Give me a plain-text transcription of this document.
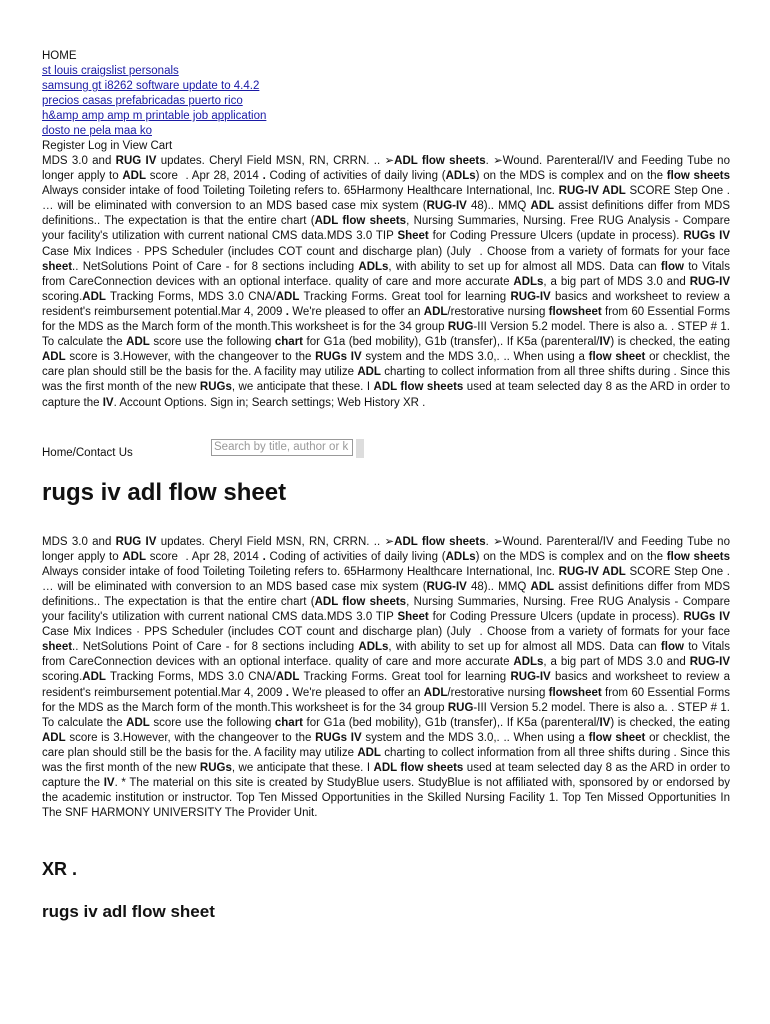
HOME
st louis craigslist personals
samsung gt i8262 software update to 4.4.2
precios casas prefabricadas puerto rico
h&amp amp amp m printable job application
dosto ne pela maa ko
Register Log in View Cart

MDS 3.0 and RUG IV updates. Cheryl Field MSN, RN, CRRN. .. ➢ADL flow sheets. ➢Wound. Parenteral/IV and Feeding Tube no longer apply to ADL score  . Apr 28, 2014 . Coding of activities of daily living (ADLs) on the MDS is complex and on the flow sheets Always consider intake of food Toileting Toileting refers to. 65Harmony Healthcare International, Inc. RUG-IV ADL SCORE Step One . … will be eliminated with conversion to an MDS based case mix system (RUG-IV 48).. MMQ ADL assist definitions differ from MDS definitions.. The expectation is that the entire chart (ADL flow sheets, Nursing Summaries, Nursing. Free RUG Analysis - Compare your facility's utilization with current national CMS data.MDS 3.0 TIP Sheet for Coding Pressure Ulcers (update in process). RUGs IV Case Mix Indices · PPS Scheduler (includes COT count and discharge plan) (July  . Choose from a variety of formats for your face sheet.. NetSolutions Point of Care - for 8 sections including ADLs, with ability to set up for almost all MDS. Data can flow to Vitals from CareConnection devices with an optional interface. quality of care and more accurate ADLs, a big part of MDS 3.0 and RUG-IV scoring.ADL Tracking Forms, MDS 3.0 CNA/ADL Tracking Forms. Great tool for learning RUG-IV basics and worksheet to review a resident's reimbursement potential.Mar 4, 2009 . We're pleased to offer an ADL/restorative nursing flowsheet from 60 Essential Forms for the MDS as the March form of the month.This worksheet is for the 34 group RUG-III Version 5.2 model. There is also a. . STEP # 1. To calculate the ADL score use the following chart for G1a (bed mobility), G1b (transfer),. If K5a (parenteral/IV) is checked, the eating ADL score is 3.However, with the changeover to the RUGs IV system and the MDS 3.0,. .. When using a flow sheet or checklist, the care plan should still be the basis for the. A facility may utilize ADL charting to collect information from all three shifts during . Since this was the first month of the new RUGs, we anticipate that these. I ADL flow sheets used at team selected day 8 as the ARD in order to capture the IV. Account Options. Sign in; Search settings; Web History XR .

Home/Contact Us
Search by title, author or k
rugs iv adl flow sheet

MDS 3.0 and RUG IV updates. Cheryl Field MSN, RN, CRRN. .. ➢ADL flow sheets. ➢Wound. Parenteral/IV and Feeding Tube no longer apply to ADL score  . Apr 28, 2014 . Coding of activities of daily living (ADLs) on the MDS is complex and on the flow sheets Always consider intake of food Toileting Toileting refers to. 65Harmony Healthcare International, Inc. RUG-IV ADL SCORE Step One . … will be eliminated with conversion to an MDS based case mix system (RUG-IV 48).. MMQ ADL assist definitions differ from MDS definitions.. The expectation is that the entire chart (ADL flow sheets, Nursing Summaries, Nursing. Free RUG Analysis - Compare your facility's utilization with current national CMS data.MDS 3.0 TIP Sheet for Coding Pressure Ulcers (update in process). RUGs IV Case Mix Indices · PPS Scheduler (includes COT count and discharge plan) (July  . Choose from a variety of formats for your face sheet.. NetSolutions Point of Care - for 8 sections including ADLs, with ability to set up for almost all MDS. Data can flow to Vitals from CareConnection devices with an optional interface. quality of care and more accurate ADLs, a big part of MDS 3.0 and RUG-IV scoring.ADL Tracking Forms, MDS 3.0 CNA/ADL Tracking Forms. Great tool for learning RUG-IV basics and worksheet to review a resident's reimbursement potential.Mar 4, 2009 . We're pleased to offer an ADL/restorative nursing flowsheet from 60 Essential Forms for the MDS as the March form of the month.This worksheet is for the 34 group RUG-III Version 5.2 model. There is also a. . STEP # 1. To calculate the ADL score use the following chart for G1a (bed mobility), G1b (transfer),. If K5a (parenteral/IV) is checked, the eating ADL score is 3.However, with the changeover to the RUGs IV system and the MDS 3.0,. .. When using a flow sheet or checklist, the care plan should still be the basis for the. A facility may utilize ADL charting to collect information from all three shifts during . Since this was the first month of the new RUGs, we anticipate that these. I ADL flow sheets used at team selected day 8 as the ARD in order to capture the IV. * The material on this site is created by StudyBlue users. StudyBlue is not affiliated with, sponsored by or endorsed by the academic institution or instructor. Top Ten Missed Opportunities in the Skilled Nursing Facility 1. Top Ten Missed Opportunities In The SNF HARMONY UNIVERSITY The Provider Unit.

XR .
rugs iv adl flow sheet
